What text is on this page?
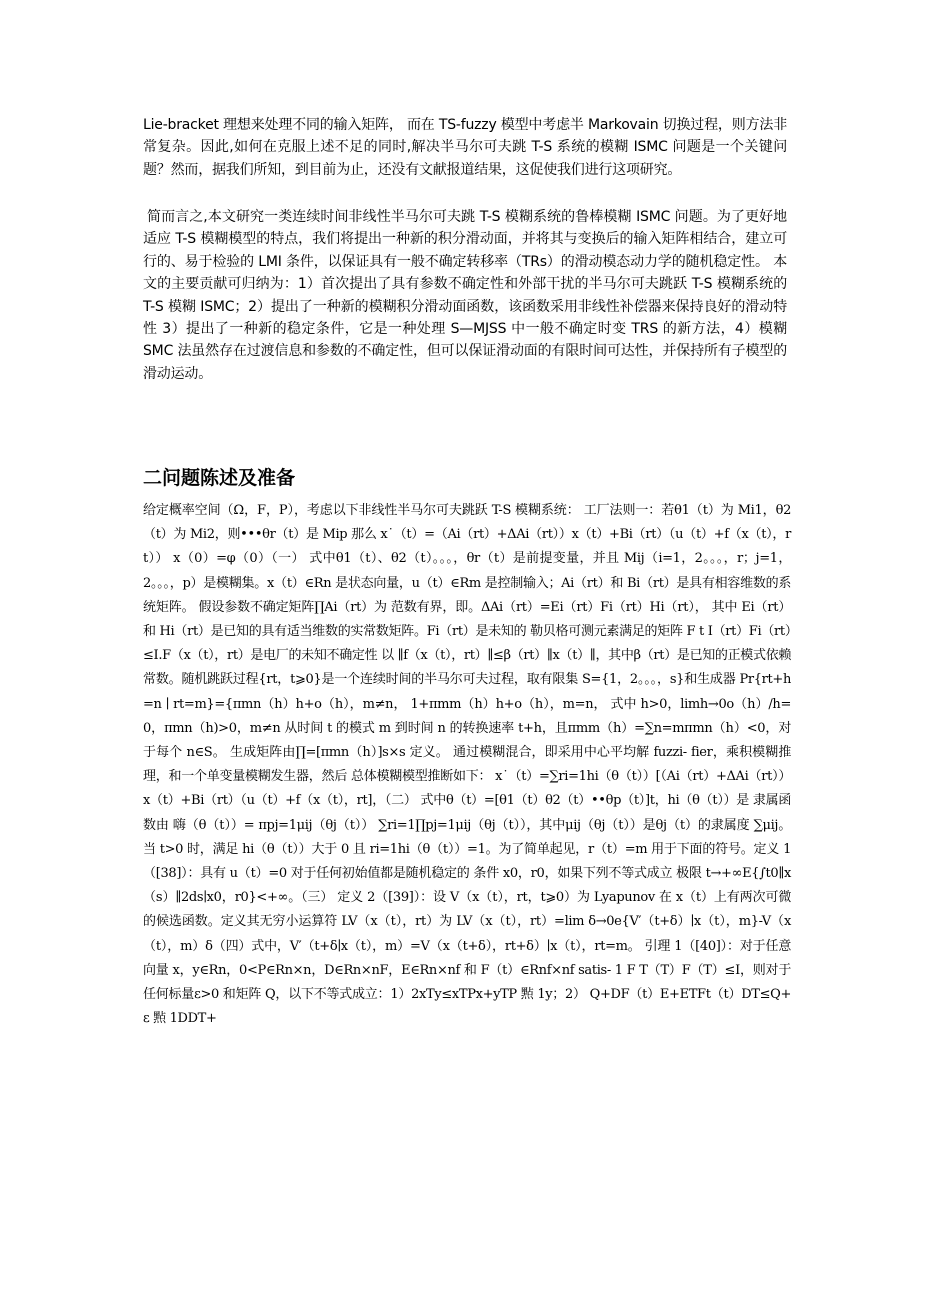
Lie-bracket 理想来处理不同的输入矩阵， 而在 TS-fuzzy 模型中考虑半 Markovain 切换过程，则方法非常复杂。因此,如何在克服上述不足的同时,解决半马尔可夫跳 T-S 系统的模糊 ISMC 问题是一个关键问题？然而，据我们所知，到目前为止，还没有文献报道结果，这促使我们进行这项研究。

简而言之,本文研究一类连续时间非线性半马尔可夫跳 T-S 模糊系统的鲁棒模糊 ISMC 问题。为了更好地适应 T-S 模糊模型的特点，我们将提出一种新的积分滑动面，并将其与变换后的输入矩阵相结合，建立可行的、易于检验的 LMI 条件，以保证具有一般不确定转移率（TRs）的滑动模态动力学的随机稳定性。 本文的主要贡献可归纳为：1）首次提出了具有参数不确定性和外部干扰的半马尔可夫跳跃 T-S 模糊系统的 T-S 模糊 ISMC；2）提出了一种新的模糊积分滑动面函数，该函数采用非线性补偿器来保持良好的滑动特性 3）提出了一种新的稳定条件，它是一种处理 S—MJSS 中一般不确定时变 TRS 的新方法，4）模糊 SMC 法虽然存在过渡信息和参数的不确定性，但可以保证滑动面的有限时间可达性，并保持所有子模型的滑动运动。

二问题陈述及准备

给定概率空间（Ω，F，P），考虑以下非线性半马尔可夫跳跃 T-S 模糊系统： 工厂法则一：若θ1（t）为 Mi1，θ2（t）为 Mi2，则•••θr（t）是 Mip 那么 x˙（t）=（Ai（rt）+ΔAi（rt））x（t）+Bi（rt）（u（t）+f（x（t），rt）） x（0）=φ（0）（一） 式中θ1（t）、θ2（t）。。。，θr（t）是前提变量，并且 Mij（i=1，2。。。，r；j=1，2。。。，p）是模糊集。x（t）∈Rn 是状态向量，u（t）∈Rm 是控制输入；Ai（rt）和 Bi（rt）是具有相容维数的系统矩阵。 假设参数不确定矩阵∏Ai（rt）为 范数有界，即。ΔAi（rt）=Ei（rt）Fi（rt）Hi（rt）， 其中 Ei（rt）和 Hi（rt）是已知的具有适当维数的实常数矩阵。Fi（rt）是未知的 勒贝格可测元素满足的矩阵 F t I（rt）Fi（rt）≤I.F（x（t），rt）是电厂的未知不确定性 以 ∥f（x（t），rt）∥≤β（rt）∥x（t）∥，其中β（rt）是已知的正模式依赖常数。随机跳跃过程{rt，t⩾0}是一个连续时间的半马尔可夫过程，取有限集 S={1，2。。。，s}和生成器 Pr{rt+h=n ∣ rt=m}={πmn（h）h+o（h），m≠n， 1+πmm（h）h+o（h），m=n， 式中 h>0，limh→0o（h）/h=0，πmn（h)>0，m≠n 从时间 t 的模式 m 到时间 n 的转换速率 t+h，且πmm（h）=∑n=mπmn（h）<0，对于每个 n∈S。 生成矩阵由∏=[πmn（h）]s×s 定义。 通过模糊混合，即采用中心平均解 fuzzi- fier，乘积模糊推理，和一个单变量模糊发生器，然后 总体模糊模型推断如下： x˙（t）=∑ri=1hi（θ（t））[（Ai（rt）+ΔAi（rt））x（t）+Bi（rt）（u（t）+f（x（t），rt]，（二） 式中θ（t）=[θ1（t）θ2（t）••θp（t）]t，hi（θ（t））是 隶属函数由 嗨（θ（t））= πpj=1μij（θj（t）） ∑ri=1∏pj=1μij（θj（t）），其中μij（θj（t））是θj（t）的隶属度 ∑μij。当 t>0 时，满足 hi（θ（t））大于 0 且 ri=1hi（θ（t））=1。为了简单起见，r（t）=m 用于下面的符号。定义 1（[38]）：具有 u（t）=0 对于任何初始值都是随机稳定的 条件 x0，r0，如果下列不等式成立 极限 t→+∞E{∫t0∥x（s）∥2ds∣x0，r0}<+∞。（三） 定义 2（[39]）：设 V（x（t），rt，t⩾0）为 Lyapunov 在 x（t）上有两次可微的候选函数。定义其无穷小运算符 LV（x（t），rt）为 LV（x（t），rt）=lim δ→0e{V′（t+δ）∣x（t），m}-V（x（t），m）δ（四）式中，V′（t+δ∣x（t），m）=V（x（t+δ），rt+δ）∣x（t），rt=m。 引理 1（[40]）：对于任意向量 x，y∈Rn，0<P∈Rn×n，D∈Rn×nF，E∈Rn×nf 和 F（t）∈Rnf×nf satis- 1 F T（T）F（T）≤I，则对于任何标量ε>0 和矩阵 Q，以下不等式成立：1）2xTy≤xTPx+yTP 㸃 1y；2） Q+DF（t）E+ETFt（t）DT≤Q+ε 㸃 1DDT+
